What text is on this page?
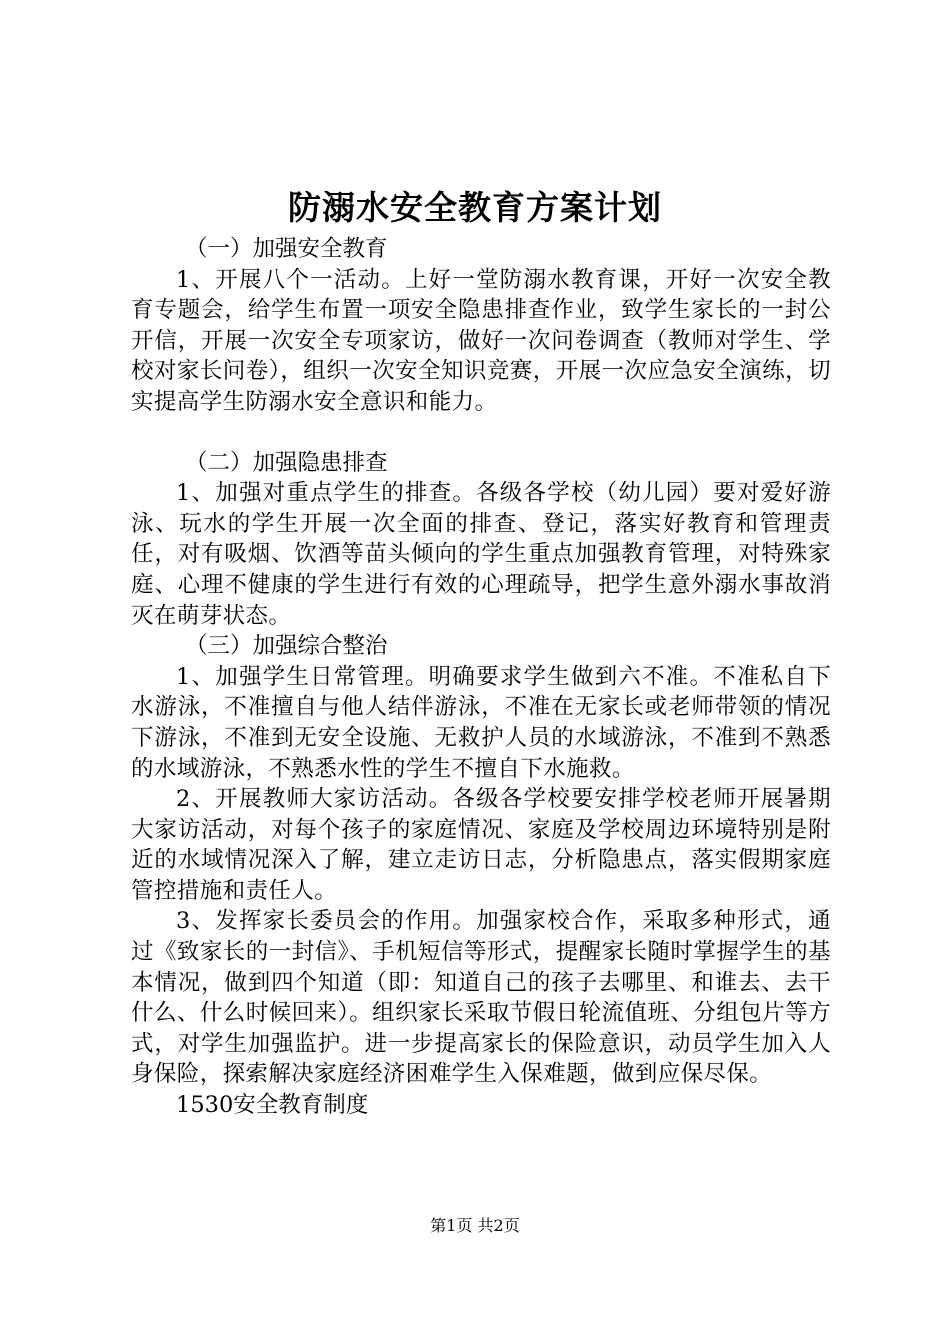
防溺水安全教育方案计划

（一）加强安全教育

1、开展八个一活动。上好一堂防溺水教育课，开好一次安全教育专题会，给学生布置一项安全隐患排查作业，致学生家长的一封公开信，开展一次安全专项家访，做好一次问卷调查（教师对学生、学校对家长问卷），组织一次安全知识竞赛，开展一次应急安全演练，切实提高学生防溺水安全意识和能力。

（二）加强隐患排查

1、加强对重点学生的排查。各级各学校（幼儿园）要对爱好游泳、玩水的学生开展一次全面的排查、登记，落实好教育和管理责任，对有吸烟、饮酒等苗头倾向的学生重点加强教育管理，对特殊家庭、心理不健康的学生进行有效的心理疏导，把学生意外溺水事故消灭在萌芽状态。

（三）加强综合整治

1、加强学生日常管理。明确要求学生做到六不准。不准私自下水游泳，不准擅自与他人结伴游泳，不准在无家长或老师带领的情况下游泳，不准到无安全设施、无救护人员的水域游泳，不准到不熟悉的水域游泳，不熟悉水性的学生不擅自下水施救。

2、开展教师大家访活动。各级各学校要安排学校老师开展暑期大家访活动，对每个孩子的家庭情况、家庭及学校周边环境特别是附近的水域情况深入了解，建立走访日志，分析隐患点，落实假期家庭管控措施和责任人。

3、发挥家长委员会的作用。加强家校合作，采取多种形式，通过《致家长的一封信》、手机短信等形式，提醒家长随时掌握学生的基本情况，做到四个知道（即：知道自己的孩子去哪里、和谁去、去干什么、什么时候回来）。组织家长采取节假日轮流值班、分组包片等方式，对学生加强监护。进一步提高家长的保险意识，动员学生加入人身保险，探索解决家庭经济困难学生入保难题，做到应保尽保。

1530安全教育制度

第1页 共2页
